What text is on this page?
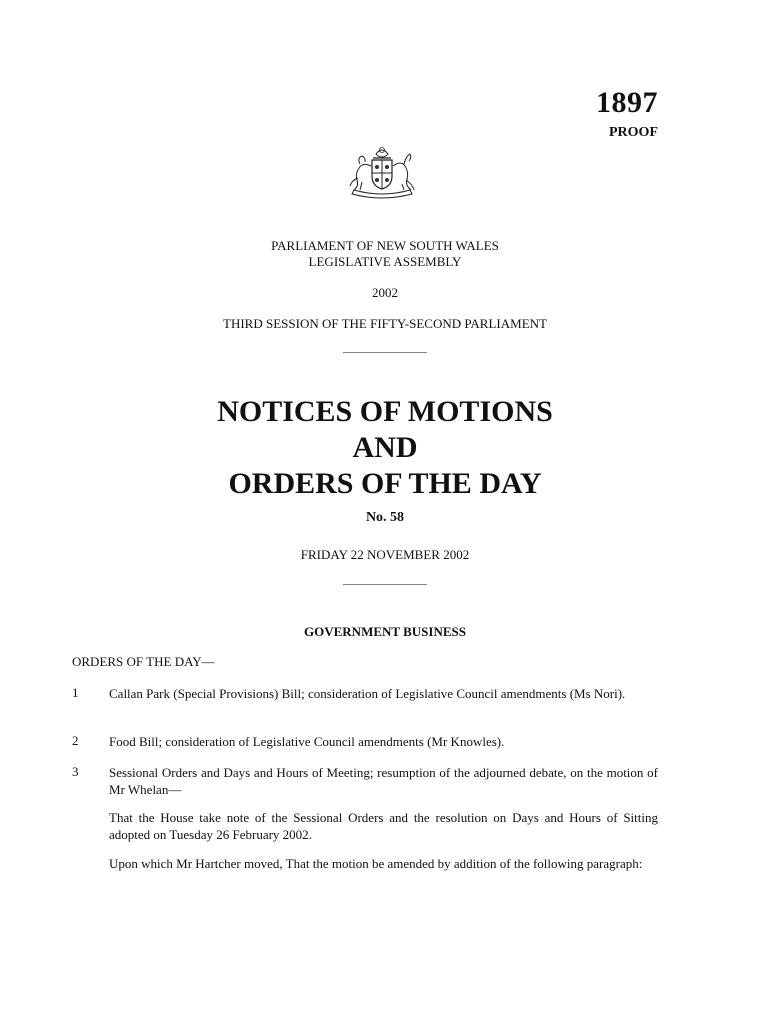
1897
PROOF
PARLIAMENT OF NEW SOUTH WALES
LEGISLATIVE ASSEMBLY
2002
THIRD SESSION OF THE FIFTY-SECOND PARLIAMENT
NOTICES OF MOTIONS
AND
ORDERS OF THE DAY
No. 58
FRIDAY 22 NOVEMBER 2002
GOVERNMENT BUSINESS
ORDERS OF THE DAY—
1 Callan Park (Special Provisions) Bill; consideration of Legislative Council amendments (Ms Nori).
2 Food Bill; consideration of Legislative Council amendments (Mr Knowles).
3 Sessional Orders and Days and Hours of Meeting; resumption of the adjourned debate, on the motion of Mr Whelan—
That the House take note of the Sessional Orders and the resolution on Days and Hours of Sitting adopted on Tuesday 26 February 2002.
Upon which Mr Hartcher moved, That the motion be amended by addition of the following paragraph:
